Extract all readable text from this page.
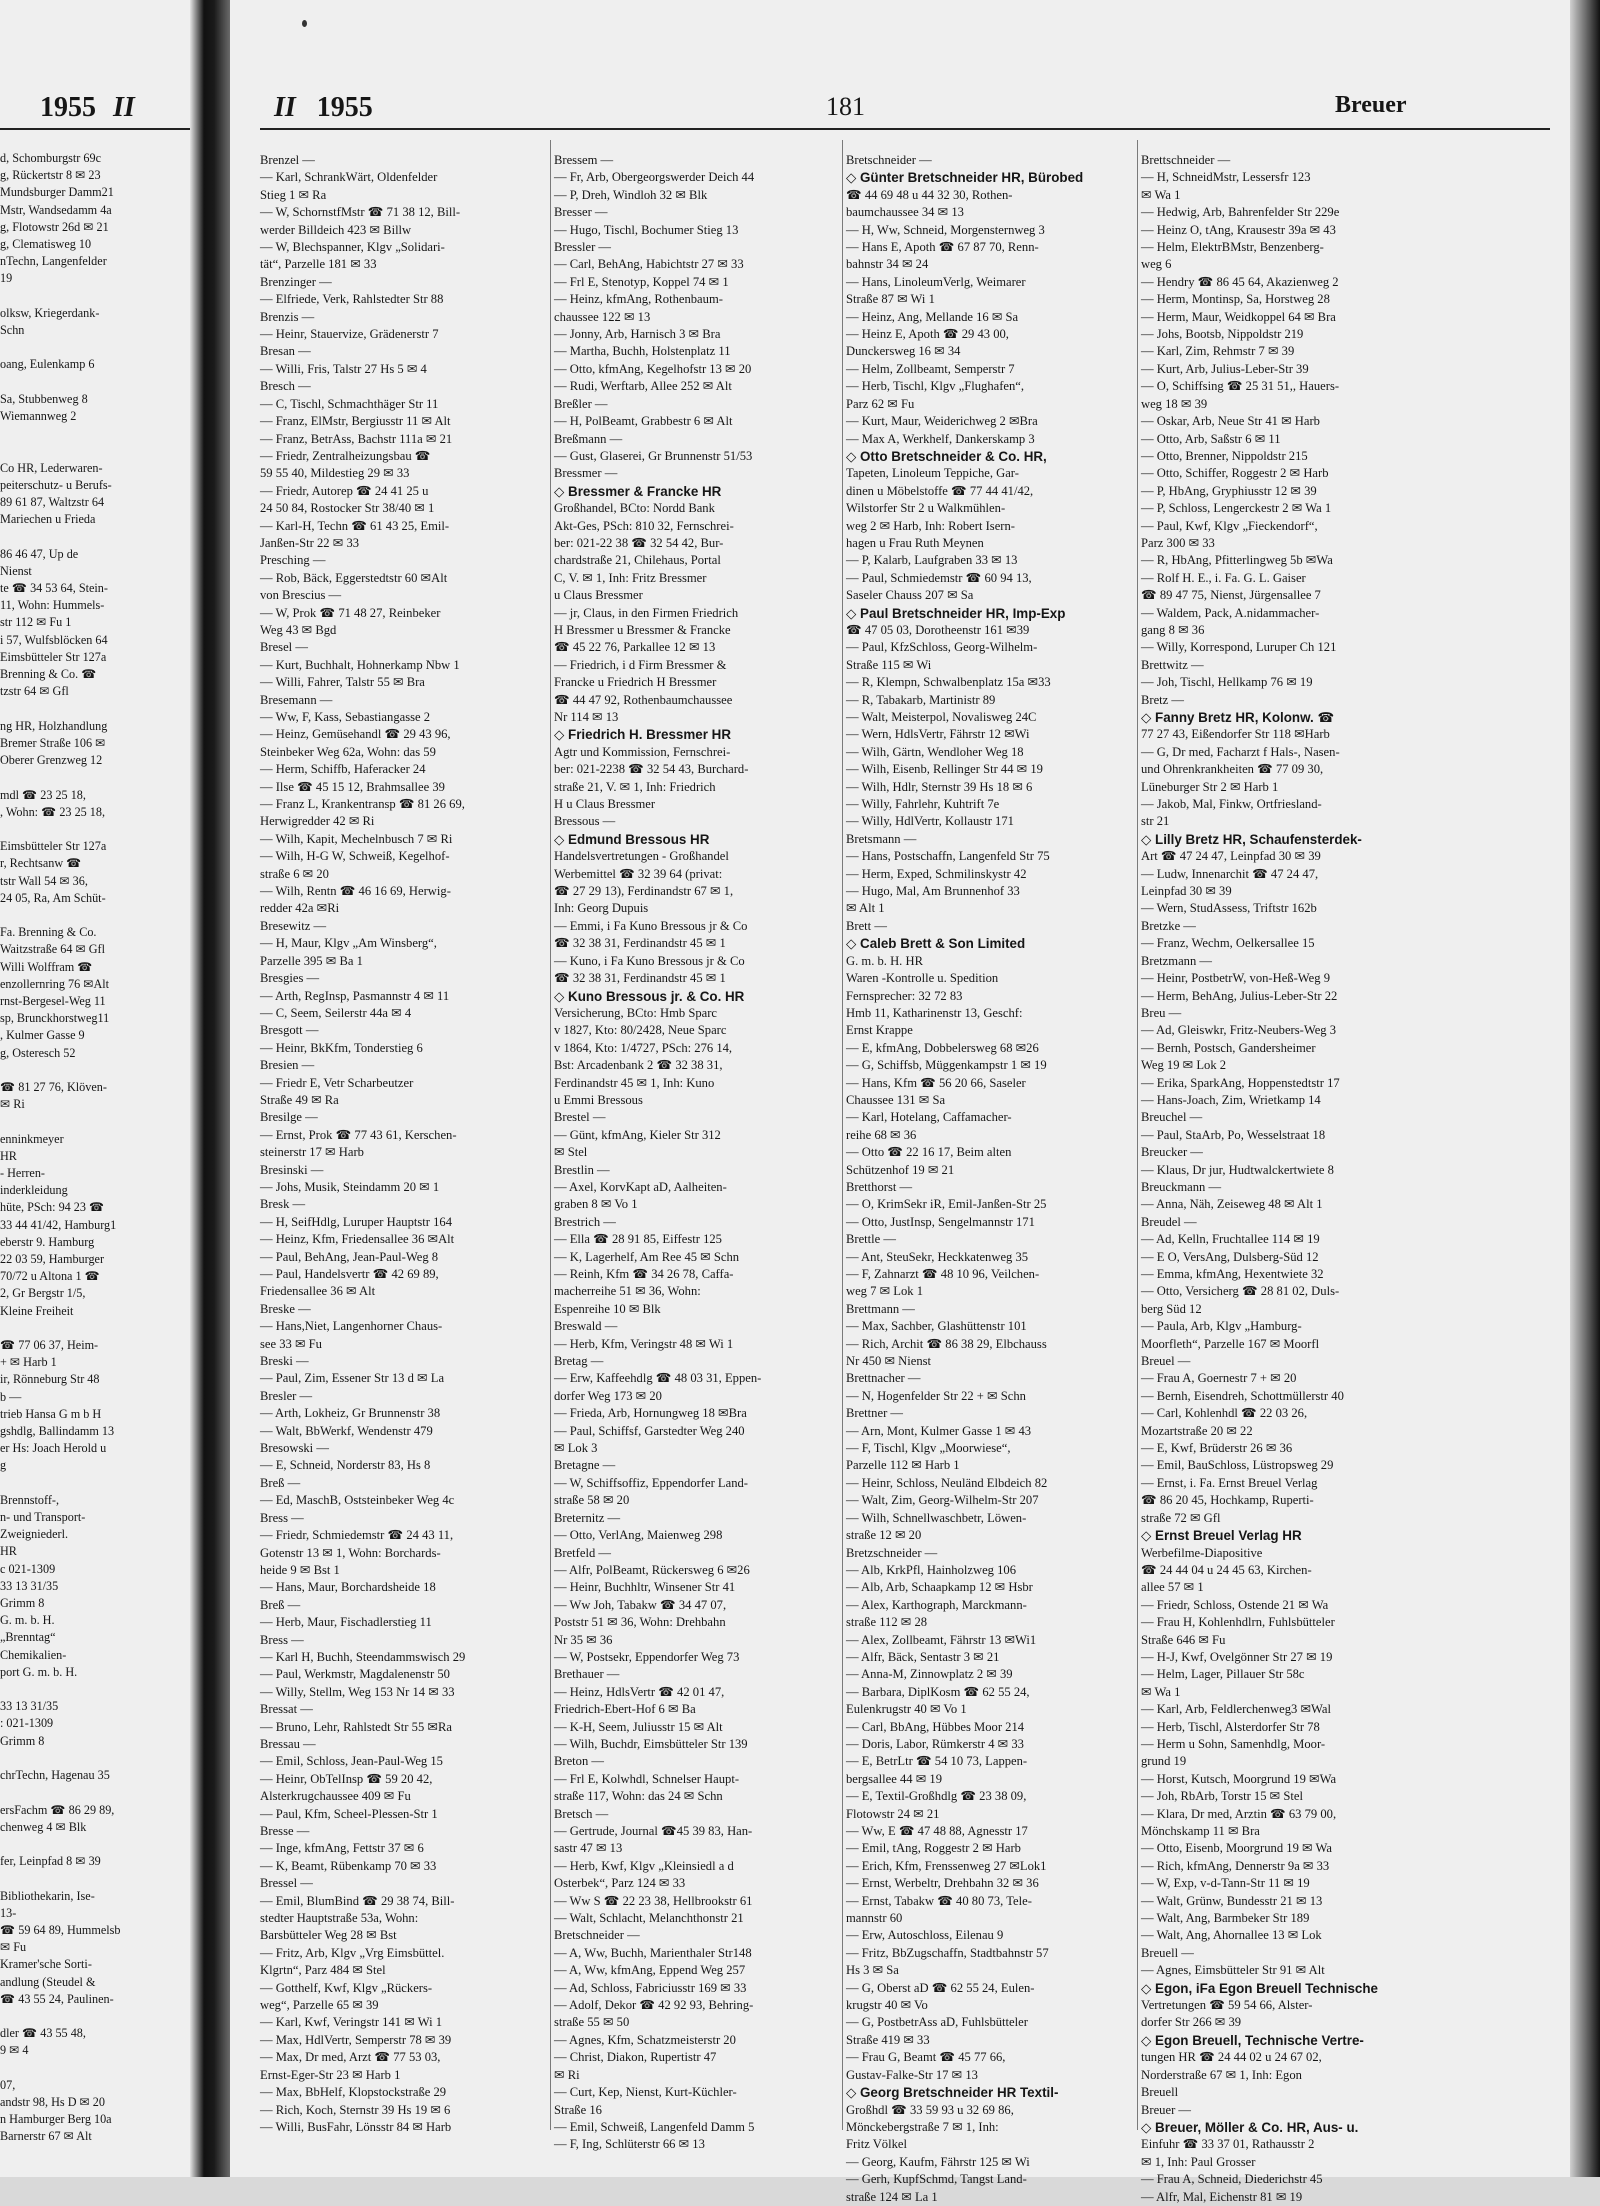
1955 II
d, Schomburgstr 69c
g, Rückertstr 8 ✉ 23
Mundsburger Damm21
Mstr, Wandsedamm 4a
g, Flotowstr 26d ✉ 21
g, Clematisweg 10
nTechn, Langenfelder
19

olksw, Kriegerdank-
Schn

oang, Eulenkamp 6

Sa, Stubbenweg 8
Wiemannweg 2

Co HR, Lederwaren-
peiterschutz- u Berufs-
89 61 87, Waltzstr 64
Mariechen u Frieda

86 46 47, Up de
Nienst
te ☎ 34 53 64, Stein-
11, Wohn: Hummels-
str 112 ✉ Fu 1
i 57, Wulfsblöcken 64
Eimsbütteler Str 127a
Brenning & Co. ☎
tzstr 64 ✉ Gfl

ng HR, Holzhandlung
Bremer Straße 106 ✉
Oberer Grenzweg 12

mdl ☎ 23 25 18,
, Wohn: ☎ 23 25 18,

Eimsbütteler Str 127a
r, Rechtsanw ☎
tstr Wall 54 ✉ 36,
24 05, Ra, Am Schüt-

Fa. Brenning & Co.
Waitzstraße 64 ✉ Gfl
Willi Wolffram ☎
enzollernring 76 ✉Alt
rnst-Bergesel-Weg 11
sp, Brunckhorstweg11
, Kulmer Gasse 9
g, Osteresch 52

☎ 81 27 76, Klöven-
✉ Ri

enninkmeyer
HR
- Herren-
inderkleidung
hüte, PSch: 94 23 ☎
33 44 41/42, Hamburg1
eberstr 9. Hamburg
22 03 59, Hamburger
70/72 u Altona 1 ☎
2, Gr Bergstr 1/5,
Kleine Freiheit

☎ 77 06 37, Heim-
+ ✉ Harb 1
ir, Rönneburg Str 48
b —
trieb Hansa G m b H
gshdlg, Ballindamm 13
er Hs: Joach Herold u
g

Brennstoff-,
n- und Transport-
Zweigniederl.
HR
c 021-1309
33 13 31/35
Grimm 8
G. m. b. H.
„Brenntag“
Chemikalien-
port G. m. b. H.

33 13 31/35
: 021-1309
Grimm 8

chrTechn, Hagenau 35

ersFachm ☎ 86 29 89,
chenweg 4 ✉ Blk

fer, Leinpfad 8 ✉ 39

Bibliothekarin, Ise-
13-
☎ 59 64 89, Hummelsb
✉ Fu
Kramer'sche Sorti-
andlung (Steudel &
☎ 43 55 24, Paulinen-

dler ☎ 43 55 48,
9 ✉ 4

07,
andstr 98, Hs D ✉ 20
n Hamburger Berg 10a
Barnerstr 67 ✉ Alt
II 1955	181	Breuer
Brenzel —
— Karl, SchrankWärt, Oldenfelder
Stieg 1 ✉ Ra
— W, SchornstfMstr ☎ 71 38 12, Bill-
werder Billdeich 423 ✉ Billw
— W, Blechspanner, Klgv „Solidari-
tät“, Parzelle 181 ✉ 33
Brenzinger —
— Elfriede, Verk, Rahlstedter Str 88
Brenzis —
— Heinr, Stauervize, Grädenerstr 7
Bresan —
— Willi, Fris, Talstr 27 Hs 5 ✉ 4
Bresch —
— C, Tischl, Schmachthäger Str 11
— Franz, ElMstr, Bergiusstr 11 ✉ Alt
— Franz, BetrAss, Bachstr 111a ✉ 21
— Friedr, Zentralheizungsbau ☎
59 55 40, Mildestieg 29 ✉ 33
— Friedr, Autorep ☎ 24 41 25 u
24 50 84, Rostocker Str 38/40 ✉ 1
— Karl-H, Techn ☎ 61 43 25, Emil-
Janßen-Str 22 ✉ 33
Presching —
— Rob, Bäck, Eggerstedtstr 60 ✉Alt
von Brescius —
— W, Prok ☎ 71 48 27, Reinbeker
Weg 43 ✉ Bgd
Bresel —
— Kurt, Buchhalt, Hohnerkamp Nbw 1
— Willi, Fahrer, Talstr 55 ✉ Bra
Bresemann —
— Ww, F, Kass, Sebastiangasse 2
— Heinz, Gemüsehandl ☎ 29 43 96,
Steinbeker Weg 62a, Wohn: das 59
— Herm, Schiffb, Haferacker 24
— Ilse ☎ 45 15 12, Brahmsallee 39
— Franz L, Krankentransp ☎ 81 26 69,
Herwigredder 42 ✉ Ri
— Wilh, Kapit, Mechelnbusch 7 ✉ Ri
— Wilh, H-G W, Schweiß, Kegelhof-
straße 6 ✉ 20
— Wilh, Rentn ☎ 46 16 69, Herwig-
redder 42a ✉Ri
Bresewitz —
— H, Maur, Klgv „Am Winsberg“,
Parzelle 395 ✉ Ba 1
Bresgies —
— Arth, RegInsp, Pasmannstr 4 ✉ 11
— C, Seem, Seilerstr 44a ✉ 4
Bresgott —
— Heinr, BkKfm, Tonderstieg 6
Bresien —
— Friedr E, Vetr Scharbeutzer
Straße 49 ✉ Ra
Bresilge —
— Ernst, Prok ☎ 77 43 61, Kerschen-
steinerstr 17 ✉ Harb
Bresinski —
— Johs, Musik, Steindamm 20 ✉ 1
Bresk —
— H, SeifHdlg, Luruper Hauptstr 164
— Heinz, Kfm, Friedensallee 36 ✉Alt
— Paul, BehAng, Jean-Paul-Weg 8
— Paul, Handelsvertr ☎ 42 69 89,
Friedensallee 36 ✉ Alt
Breske —
— Hans,Niet, Langenhorner Chaus-
see 33 ✉ Fu
Breski —
— Paul, Zim, Essener Str 13 d ✉ La
Bresler —
— Arth, Lokheiz, Gr Brunnenstr 38
— Walt, BbWerkf, Wendenstr 479
Bresowski —
— E, Schneid, Norderstr 83, Hs 8
Breß —
— Ed, MaschB, Oststeinbeker Weg 4c
Bress —
— Friedr, Schmiedemstr ☎ 24 43 11,
Gotenstr 13 ✉ 1, Wohn: Borchards-
heide 9 ✉ Bst 1
— Hans, Maur, Borchardsheide 18
Breß —
— Herb, Maur, Fischadlerstieg 11
Bress —
— Karl H, Buchh, Steendammswisch 29
— Paul, Werkmstr, Magdalenenstr 50
— Willy, Stellm, Weg 153 Nr 14 ✉ 33
Bressat —
— Bruno, Lehr, Rahlstedt Str 55 ✉Ra
Bressau —
— Emil, Schloss, Jean-Paul-Weg 15
— Heinr, ObTelInsp ☎ 59 20 42,
Alsterkrugchaussee 409 ✉ Fu
— Paul, Kfm, Scheel-Plessen-Str 1
Bresse —
— Inge, kfmAng, Fettstr 37 ✉ 6
— K, Beamt, Rübenkamp 70 ✉ 33
Bressel —
— Emil, BlumBind ☎ 29 38 74, Bill-
stedter Hauptstraße 53a, Wohn:
Barsbütteler Weg 28 ✉ Bst
— Fritz, Arb, Klgv „Vrg Eimsbüttel.
Klgrtn“, Parz 484 ✉ Stel
— Gotthelf, Kwf, Klgv „Rückers-
weg“, Parzelle 65 ✉ 39
— Karl, Kwf, Veringstr 141 ✉ Wi 1
— Max, HdlVertr, Semperstr 78 ✉ 39
— Max, Dr med, Arzt ☎ 77 53 03,
Ernst-Eger-Str 23 ✉ Harb 1
— Max, BbHelf, Klopstockstraße 29
— Rich, Koch, Sternstr 39 Hs 19 ✉ 6
— Willi, BusFahr, Lönsstr 84 ✉ Harb
Bressem —
— Fr, Arb, Obergeorgswerder Deich 44
— P, Dreh, Windloh 32 ✉ Blk
Bresser —
— Hugo, Tischl, Bochumer Stieg 13
Bressler —
— Carl, BehAng, Habichtstr 27 ✉ 33
— Frl E, Stenotyp, Koppel 74 ✉ 1
— Heinz, kfmAng, Rothenbaum-
chaussee 122 ✉ 13
— Jonny, Arb, Harnisch 3 ✉ Bra
— Martha, Buchh, Holstenplatz 11
— Otto, kfmAng, Kegelhofstr 13 ✉ 20
— Rudi, Werftarb, Allee 252 ✉ Alt
Breßler —
— H, PolBeamt, Grabbestr 6 ✉ Alt
Breßmann —
— Gust, Glaserei, Gr Brunnenstr 51/53
Bressmer —
◇ Bressmer & Francke HR
Großhandel, BCto: Nordd Bank
Akt-Ges, PSch: 810 32, Fernschrei-
ber: 021-22 38 ☎ 32 54 42, Bur-
chardstraße 21, Chilehaus, Portal
C, V. ✉ 1, Inh: Fritz Bressmer
u Claus Bressmer
— jr, Claus, in den Firmen Friedrich
H Bressmer u Bressmer & Francke
☎ 45 22 76, Parkallee 12 ✉ 13
— Friedrich, i d Firm Bressmer &
Francke u Friedrich H Bressmer
☎ 44 47 92, Rothenbaumchaussee
Nr 114 ✉ 13
◇ Friedrich H. Bressmer HR
Agtr und Kommission, Fernschrei-
ber: 021-2238 ☎ 32 54 43, Burchard-
straße 21, V. ✉ 1, Inh: Friedrich
H u Claus Bressmer
Bressous —
◇ Edmund Bressous HR
Handelsvertretungen - Großhandel
Werbemittel ☎ 32 39 64 (privat:
☎ 27 29 13), Ferdinandstr 67 ✉ 1,
Inh: Georg Dupuis
— Emmi, i Fa Kuno Bressous jr & Co
☎ 32 38 31, Ferdinandstr 45 ✉ 1
— Kuno, i Fa Kuno Bressous jr & Co
☎ 32 38 31, Ferdinandstr 45 ✉ 1
◇ Kuno Bressous jr. & Co. HR
Versicherung, BCto: Hmb Sparc
v 1827, Kto: 80/2428, Neue Sparc
v 1864, Kto: 1/4727, PSch: 276 14,
Bst: Arcadenbank 2 ☎ 32 38 31,
Ferdinandstr 45 ✉ 1, Inh: Kuno
u Emmi Bressous
Brestel —
— Günt, kfmAng, Kieler Str 312
✉ Stel
Brestlin —
— Axel, KorvKapt aD, Aalheiten-
graben 8 ✉ Vo 1
Brestrich —
— Ella ☎ 28 91 85, Eiffestr 125
— K, Lagerhelf, Am Ree 45 ✉ Schn
— Reinh, Kfm ☎ 34 26 78, Caffa-
macherreihe 51 ✉ 36, Wohn:
Espenreihe 10 ✉ Blk
Breswald —
— Herb, Kfm, Veringstr 48 ✉ Wi 1
Bretag —
— Erw, Kaffeehdlg ☎ 48 03 31, Eppen-
dorfer Weg 173 ✉ 20
— Frieda, Arb, Hornungweg 18 ✉Bra
— Paul, Schiffsf, Garstedter Weg 240
✉ Lok 3
Bretagne —
— W, Schiffsoffiz, Eppendorfer Land-
straße 58 ✉ 20
Breternitz —
— Otto, VerlAng, Maienweg 298
Bretfeld —
— Alfr, PolBeamt, Rückersweg 6 ✉26
— Heinr, Buchhltr, Winsener Str 41
— Ww Joh, Tabakw ☎ 34 47 07,
Poststr 51 ✉ 36, Wohn: Drehbahn
Nr 35 ✉ 36
— W, Postsekr, Eppendorfer Weg 73
Brethauer —
— Heinz, HdlsVertr ☎ 42 01 47,
Friedrich-Ebert-Hof 6 ✉ Ba
— K-H, Seem, Juliusstr 15 ✉ Alt
— Wilh, Buchdr, Eimsbütteler Str 139
Breton —
— Frl E, Kolwhdl, Schnelser Haupt-
straße 117, Wohn: das 24 ✉ Schn
Bretsch —
— Gertrude, Journal ☎45 39 83, Han-
sastr 47 ✉ 13
— Herb, Kwf, Klgv „Kleinsiedl a d
Osterbek“, Parz 124 ✉ 33
— Ww S ☎ 22 23 38, Hellbrookstr 61
— Walt, Schlacht, Melanchthonstr 21
Bretschneider —
— A, Ww, Buchh, Marienthaler Str148
— A, Ww, kfmAng, Eppend Weg 257
— Ad, Schloss, Fabriciusstr 169 ✉ 33
— Adolf, Dekor ☎ 42 92 93, Behring-
straße 55 ✉ 50
— Agnes, Kfm, Schatzmeisterstr 20
— Christ, Diakon, Rupertistr 47
✉ Ri
— Curt, Kep, Nienst, Kurt-Küchler-
Straße 16
— Emil, Schweiß, Langenfeld Damm 5
— F, Ing, Schlüterstr 66 ✉ 13
Bretschneider —
◇ Günter Bretschneider HR, Bürobed
☎ 44 69 48 u 44 32 30, Rothen-
baumchaussee 34 ✉ 13
— H, Ww, Schneid, Morgensternweg 3
— Hans E, Apoth ☎ 67 87 70, Renn-
bahnstr 34 ✉ 24
— Hans, LinoleumVerlg, Weimarer
Straße 87 ✉ Wi 1
— Heinz, Ang, Mellande 16 ✉ Sa
— Heinz E, Apoth ☎ 29 43 00,
Dunckersweg 16 ✉ 34
— Helm, Zollbeamt, Semperstr 7
— Herb, Tischl, Klgv „Flughafen“,
Parz 62 ✉ Fu
— Kurt, Maur, Weiderichweg 2 ✉Bra
— Max A, Werkhelf, Dankerskamp 3
◇ Otto Bretschneider & Co. HR,
Tapeten, Linoleum Teppiche, Gar-
dinen u Möbelstoffe ☎ 77 44 41/42,
Wilstorfer Str 2 u Walkmühlen-
weg 2 ✉ Harb, Inh: Robert Isern-
hagen u Frau Ruth Meynen
— P, Kalarb, Laufgraben 33 ✉ 13
— Paul, Schmiedemstr ☎ 60 94 13,
Saseler Chauss 207 ✉ Sa
◇ Paul Bretschneider HR, Imp-Exp
☎ 47 05 03, Dorotheenstr 161 ✉39
— Paul, KfzSchloss, Georg-Wilhelm-
Straße 115 ✉ Wi
— R, Klempn, Schwalbenplatz 15a ✉33
— R, Tabakarb, Martinistr 89
— Walt, Meisterpol, Novalisweg 24C
— Wern, HdlsVertr, Fährstr 12 ✉Wi
— Wilh, Gärtn, Wendloher Weg 18
— Wilh, Eisenb, Rellinger Str 44 ✉ 19
— Wilh, Hdlr, Sternstr 39 Hs 18 ✉ 6
— Willy, Fahrlehr, Kuhtrift 7e
— Willy, HdlVertr, Kollaustr 171
Bretsmann —
— Hans, Postschaffn, Langenfeld Str 75
— Herm, Exped, Schmilinskystr 42
— Hugo, Mal, Am Brunnenhof 33
✉ Alt 1
Brett —
◇ Caleb Brett & Son Limited
G. m. b. H. HR
Waren -Kontrolle u. Spedition
Fernsprecher: 32 72 83
Hmb 11, Katharinenstr 13, Geschf:
Ernst Krappe
— E, kfmAng, Dobbelersweg 68 ✉26
— G, Schiffsb, Müggenkampstr 1 ✉ 19
— Hans, Kfm ☎ 56 20 66, Saseler
Chaussee 131 ✉ Sa
— Karl, Hotelang, Caffamacher-
reihe 68 ✉ 36
— Otto ☎ 22 16 17, Beim alten
Schützenhof 19 ✉ 21
Bretthorst —
— O, KrimSekr iR, Emil-Janßen-Str 25
— Otto, JustInsp, Sengelmannstr 171
Brettle —
— Ant, SteuSekr, Heckkatenweg 35
— F, Zahnarzt ☎ 48 10 96, Veilchen-
weg 7 ✉ Lok 1
Brettmann —
— Max, Sachber, Glashüttenstr 101
— Rich, Archit ☎ 86 38 29, Elbchauss
Nr 450 ✉ Nienst
Brettnacher —
— N, Hogenfelder Str 22 + ✉ Schn
Brettner —
— Arn, Mont, Kulmer Gasse 1 ✉ 43
— F, Tischl, Klgv „Moorwiese“,
Parzelle 112 ✉ Harb 1
— Heinr, Schloss, Neuländ Elbdeich 82
— Walt, Zim, Georg-Wilhelm-Str 207
— Wilh, Schnellwaschbetr, Löwen-
straße 12 ✉ 20
Bretzschneider —
— Alb, KrkPfl, Hainholzweg 106
— Alb, Arb, Schaapkamp 12 ✉ Hsbr
— Alex, Karthograph, Marckmann-
straße 112 ✉ 28
— Alex, Zollbeamt, Fährstr 13 ✉Wi1
— Alfr, Bäck, Sentastr 3 ✉ 21
— Anna-M, Zinnowplatz 2 ✉ 39
— Barbara, DiplKosm ☎ 62 55 24,
Eulenkrugstr 40 ✉ Vo 1
— Carl, BbAng, Hübbes Moor 214
— Doris, Labor, Rümkerstr 4 ✉ 33
— E, BetrLtr ☎ 54 10 73, Lappen-
bergsallee 44 ✉ 19
— E, Textil-Großhdlg ☎ 23 38 09,
Flotowstr 24 ✉ 21
— Ww, E ☎ 47 48 88, Agnesstr 17
— Emil, tAng, Roggestr 2 ✉ Harb
— Erich, Kfm, Frenssenweg 27 ✉Lok1
— Ernst, Werbeltr, Drehbahn 32 ✉ 36
— Ernst, Tabakw ☎ 40 80 73, Tele-
mannstr 60
— Erw, Autoschloss, Eilenau 9
— Fritz, BbZugschaffn, Stadtbahnstr 57
Hs 3 ✉ Sa
— G, Oberst aD ☎ 62 55 24, Eulen-
krugstr 40 ✉ Vo
— G, PostbetrAss aD, Fuhlsbütteler
Straße 419 ✉ 33
— Frau G, Beamt ☎ 45 77 66,
Gustav-Falke-Str 17 ✉ 13
◇ Georg Bretschneider HR Textil-
Großhdl ☎ 33 59 93 u 32 69 86,
Mönckebergstraße 7 ✉ 1, Inh:
Fritz Völkel
— Georg, Kaufm, Fährstr 125 ✉ Wi
— Gerh, KupfSchmd, Tangst Land-
straße 124 ✉ La 1
Brettschneider —
— H, SchneidMstr, Lessersfr 123
✉ Wa 1
— Hedwig, Arb, Bahrenfelder Str 229e
— Heinz O, tAng, Krausestr 39a ✉ 43
— Helm, ElektrBMstr, Benzenberg-
weg 6
— Hendry ☎ 86 45 64, Akazienweg 2
— Herm, Montinsp, Sa, Horstweg 28
— Herm, Maur, Weidkoppel 64 ✉ Bra
— Johs, Bootsb, Nippoldstr 219
— Karl, Zim, Rehmstr 7 ✉ 39
— Kurt, Arb, Julius-Leber-Str 39
— O, Schiffsing ☎ 25 31 51,, Hauers-
weg 18 ✉ 39
— Oskar, Arb, Neue Str 41 ✉ Harb
— Otto, Arb, Saßstr 6 ✉ 11
— Otto, Brenner, Nippoldstr 215
— Otto, Schiffer, Roggestr 2 ✉ Harb
— P, HbAng, Gryphiusstr 12 ✉ 39
— P, Schloss, Lengerckestr 2 ✉ Wa 1
— Paul, Kwf, Klgv „Fieckendorf“,
Parz 300 ✉ 33
— R, HbAng, Pfitterlingweg 5b ✉Wa
— Rolf H. E., i. Fa. G. L. Gaiser
☎ 89 47 75, Nienst, Jürgensallee 7
— Waldem, Pack, A.nidammacher-
gang 8 ✉ 36
— Willy, Korrespond, Luruper Ch 121
Brettwitz —
— Joh, Tischl, Hellkamp 76 ✉ 19
Bretz —
◇ Fanny Bretz HR, Kolonw. ☎
77 27 43, Eißendorfer Str 118 ✉Harb
— G, Dr med, Facharzt f Hals-, Nasen-
und Ohrenkrankheiten ☎ 77 09 30,
Lüneburger Str 2 ✉ Harb 1
— Jakob, Mal, Finkw, Ortfriesland-
str 21
◇ Lilly Bretz HR, Schaufensterdek-
Art ☎ 47 24 47, Leinpfad 30 ✉ 39
— Ludw, Innenarchit ☎ 47 24 47,
Leinpfad 30 ✉ 39
— Wern, StudAssess, Triftstr 162b
Bretzke —
— Franz, Wechm, Oelkersallee 15
Bretzmann —
— Heinr, PostbetrW, von-Heß-Weg 9
— Herm, BehAng, Julius-Leber-Str 22
Breu —
— Ad, Gleiswkr, Fritz-Neubers-Weg 3
— Bernh, Postsch, Gandersheimer
Weg 19 ✉ Lok 2
— Erika, SparkAng, Hoppenstedtstr 17
— Hans-Joach, Zim, Wrietkamp 14
Breuchel —
— Paul, StaArb, Po, Wesselstraat 18
Breucker —
— Klaus, Dr jur, Hudtwalckertwiete 8
Breuckmann —
— Anna, Näh, Zeiseweg 48 ✉ Alt 1
Breudel —
— Ad, Kelln, Fruchtallee 114 ✉ 19
— E O, VersAng, Dulsberg-Süd 12
— Emma, kfmAng, Hexentwiete 32
— Otto, Versicherg ☎ 28 81 02, Duls-
berg Süd 12
— Paula, Arb, Klgv „Hamburg-
Moorfleth“, Parzelle 167 ✉ Moorfl
Breuel —
— Frau A, Goernestr 7 + ✉ 20
— Bernh, Eisendreh, Schottmüllerstr 40
— Carl, Kohlenhdl ☎ 22 03 26,
Mozartstraße 20 ✉ 22
— E, Kwf, Brüderstr 26 ✉ 36
— Emil, BauSchloss, Lüstropsweg 29
— Ernst, i. Fa. Ernst Breuel Verlag
☎ 86 20 45, Hochkamp, Ruperti-
straße 72 ✉ Gfl
◇ Ernst Breuel Verlag HR
Werbefilme-Diapositive
☎ 24 44 04 u 24 45 63, Kirchen-
allee 57 ✉ 1
— Friedr, Schloss, Ostende 21 ✉ Wa
— Frau H, Kohlenhdlrn, Fuhlsbütteler
Straße 646 ✉ Fu
— H-J, Kwf, Ovelgönner Str 27 ✉ 19
— Helm, Lager, Pillauer Str 58c
✉ Wa 1
— Karl, Arb, Feldlerchenweg3 ✉Wal
— Herb, Tischl, Alsterdorfer Str 78
— Herm u Sohn, Samenhdlg, Moor-
grund 19
— Horst, Kutsch, Moorgrund 19 ✉Wa
— Joh, RbArb, Torstr 15 ✉ Stel
— Klara, Dr med, Arztin ☎ 63 79 00,
Mönchskamp 11 ✉ Bra
— Otto, Eisenb, Moorgrund 19 ✉ Wa
— Rich, kfmAng, Dennerstr 9a ✉ 33
— W, Exp, v-d-Tann-Str 11 ✉ 19
— Walt, Grünw, Bundesstr 21 ✉ 13
— Walt, Ang, Barmbeker Str 189
— Walt, Ang, Ahornallee 13 ✉ Lok
Breuell —
— Agnes, Eimsbütteler Str 91 ✉ Alt
◇ Egon, iFa Egon Breuell Technische
Vertretungen ☎ 59 54 66, Alster-
dorfer Str 266 ✉ 39
◇ Egon Breuell, Technische Vertre-
tungen HR ☎ 24 44 02 u 24 67 02,
Norderstraße 67 ✉ 1, Inh: Egon
Breuell
Breuer —
◇ Breuer, Möller & Co. HR, Aus- u.
Einfuhr ☎ 33 37 01, Rathausstr 2
✉ 1, Inh: Paul Grosser
— Frau A, Schneid, Diederichstr 45
— Alfr, Mal, Eichenstr 81 ✉ 19
